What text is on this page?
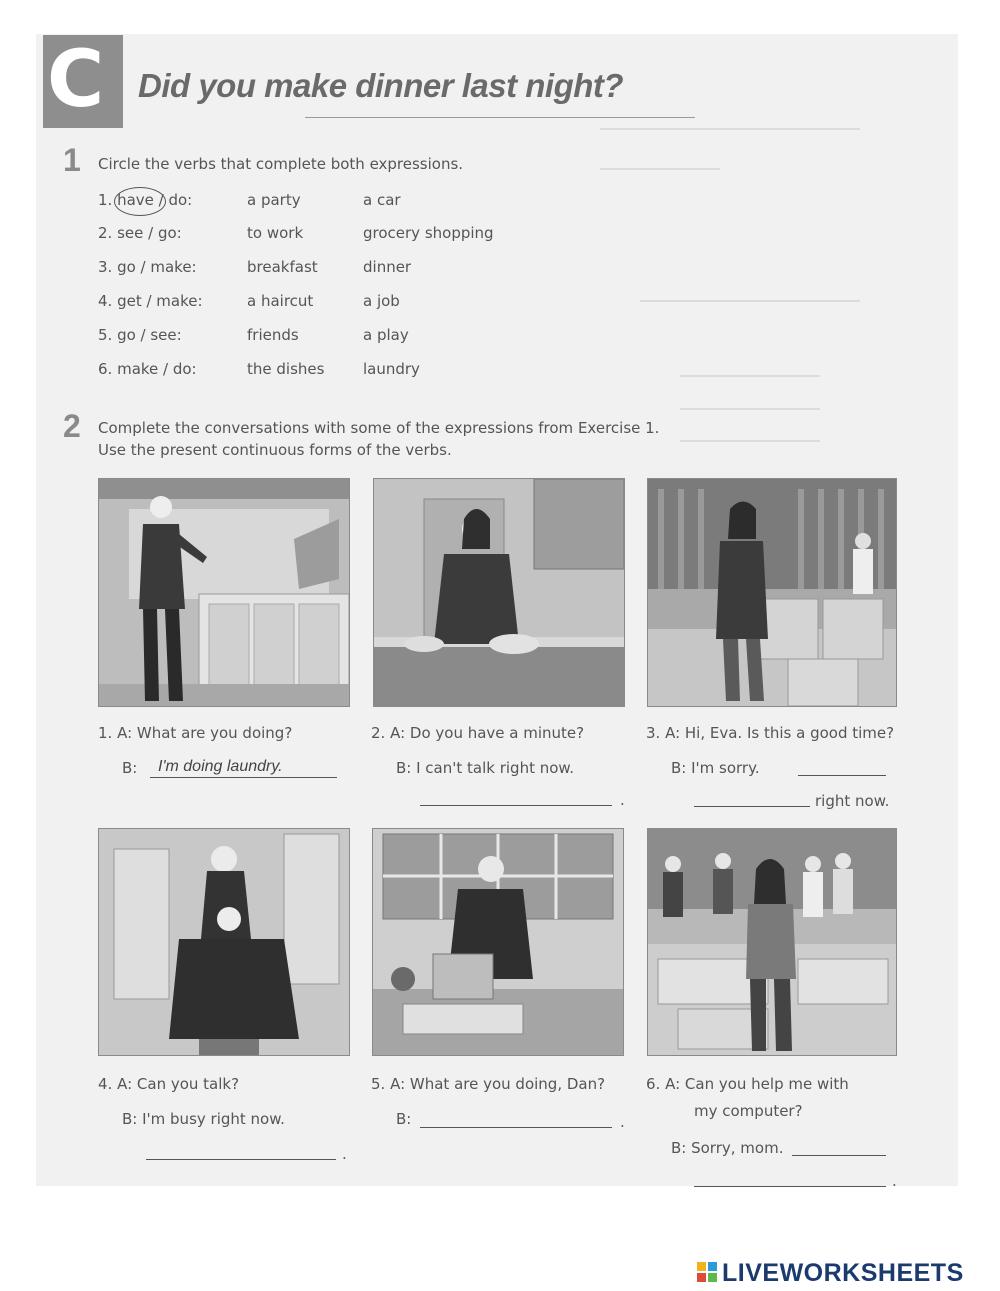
C Did you make dinner last night?
1 Circle the verbs that complete both expressions.
1. have / do:	a party	a car
2. see / go:	to work	grocery shopping
3. go / make:	breakfast	dinner
4. get / make:	a haircut	a job
5. go / see:	friends	a play
6. make / do:	the dishes	laundry
2 Complete the conversations with some of the expressions from Exercise 1.
Use the present continuous forms of the verbs.
1. A: What are you doing?
B: I'm doing laundry.
2. A: Do you have a minute?
B: I can't talk right now.
.
3. A: Hi, Eva. Is this a good time?
B: I'm sorry.
right now.
4. A: Can you talk?
B: I'm busy right now.
.
5. A: What are you doing, Dan?
B:	.
6. A: Can you help me with
my computer?
B: Sorry, mom.
.
LIVEWORKSHEETS
